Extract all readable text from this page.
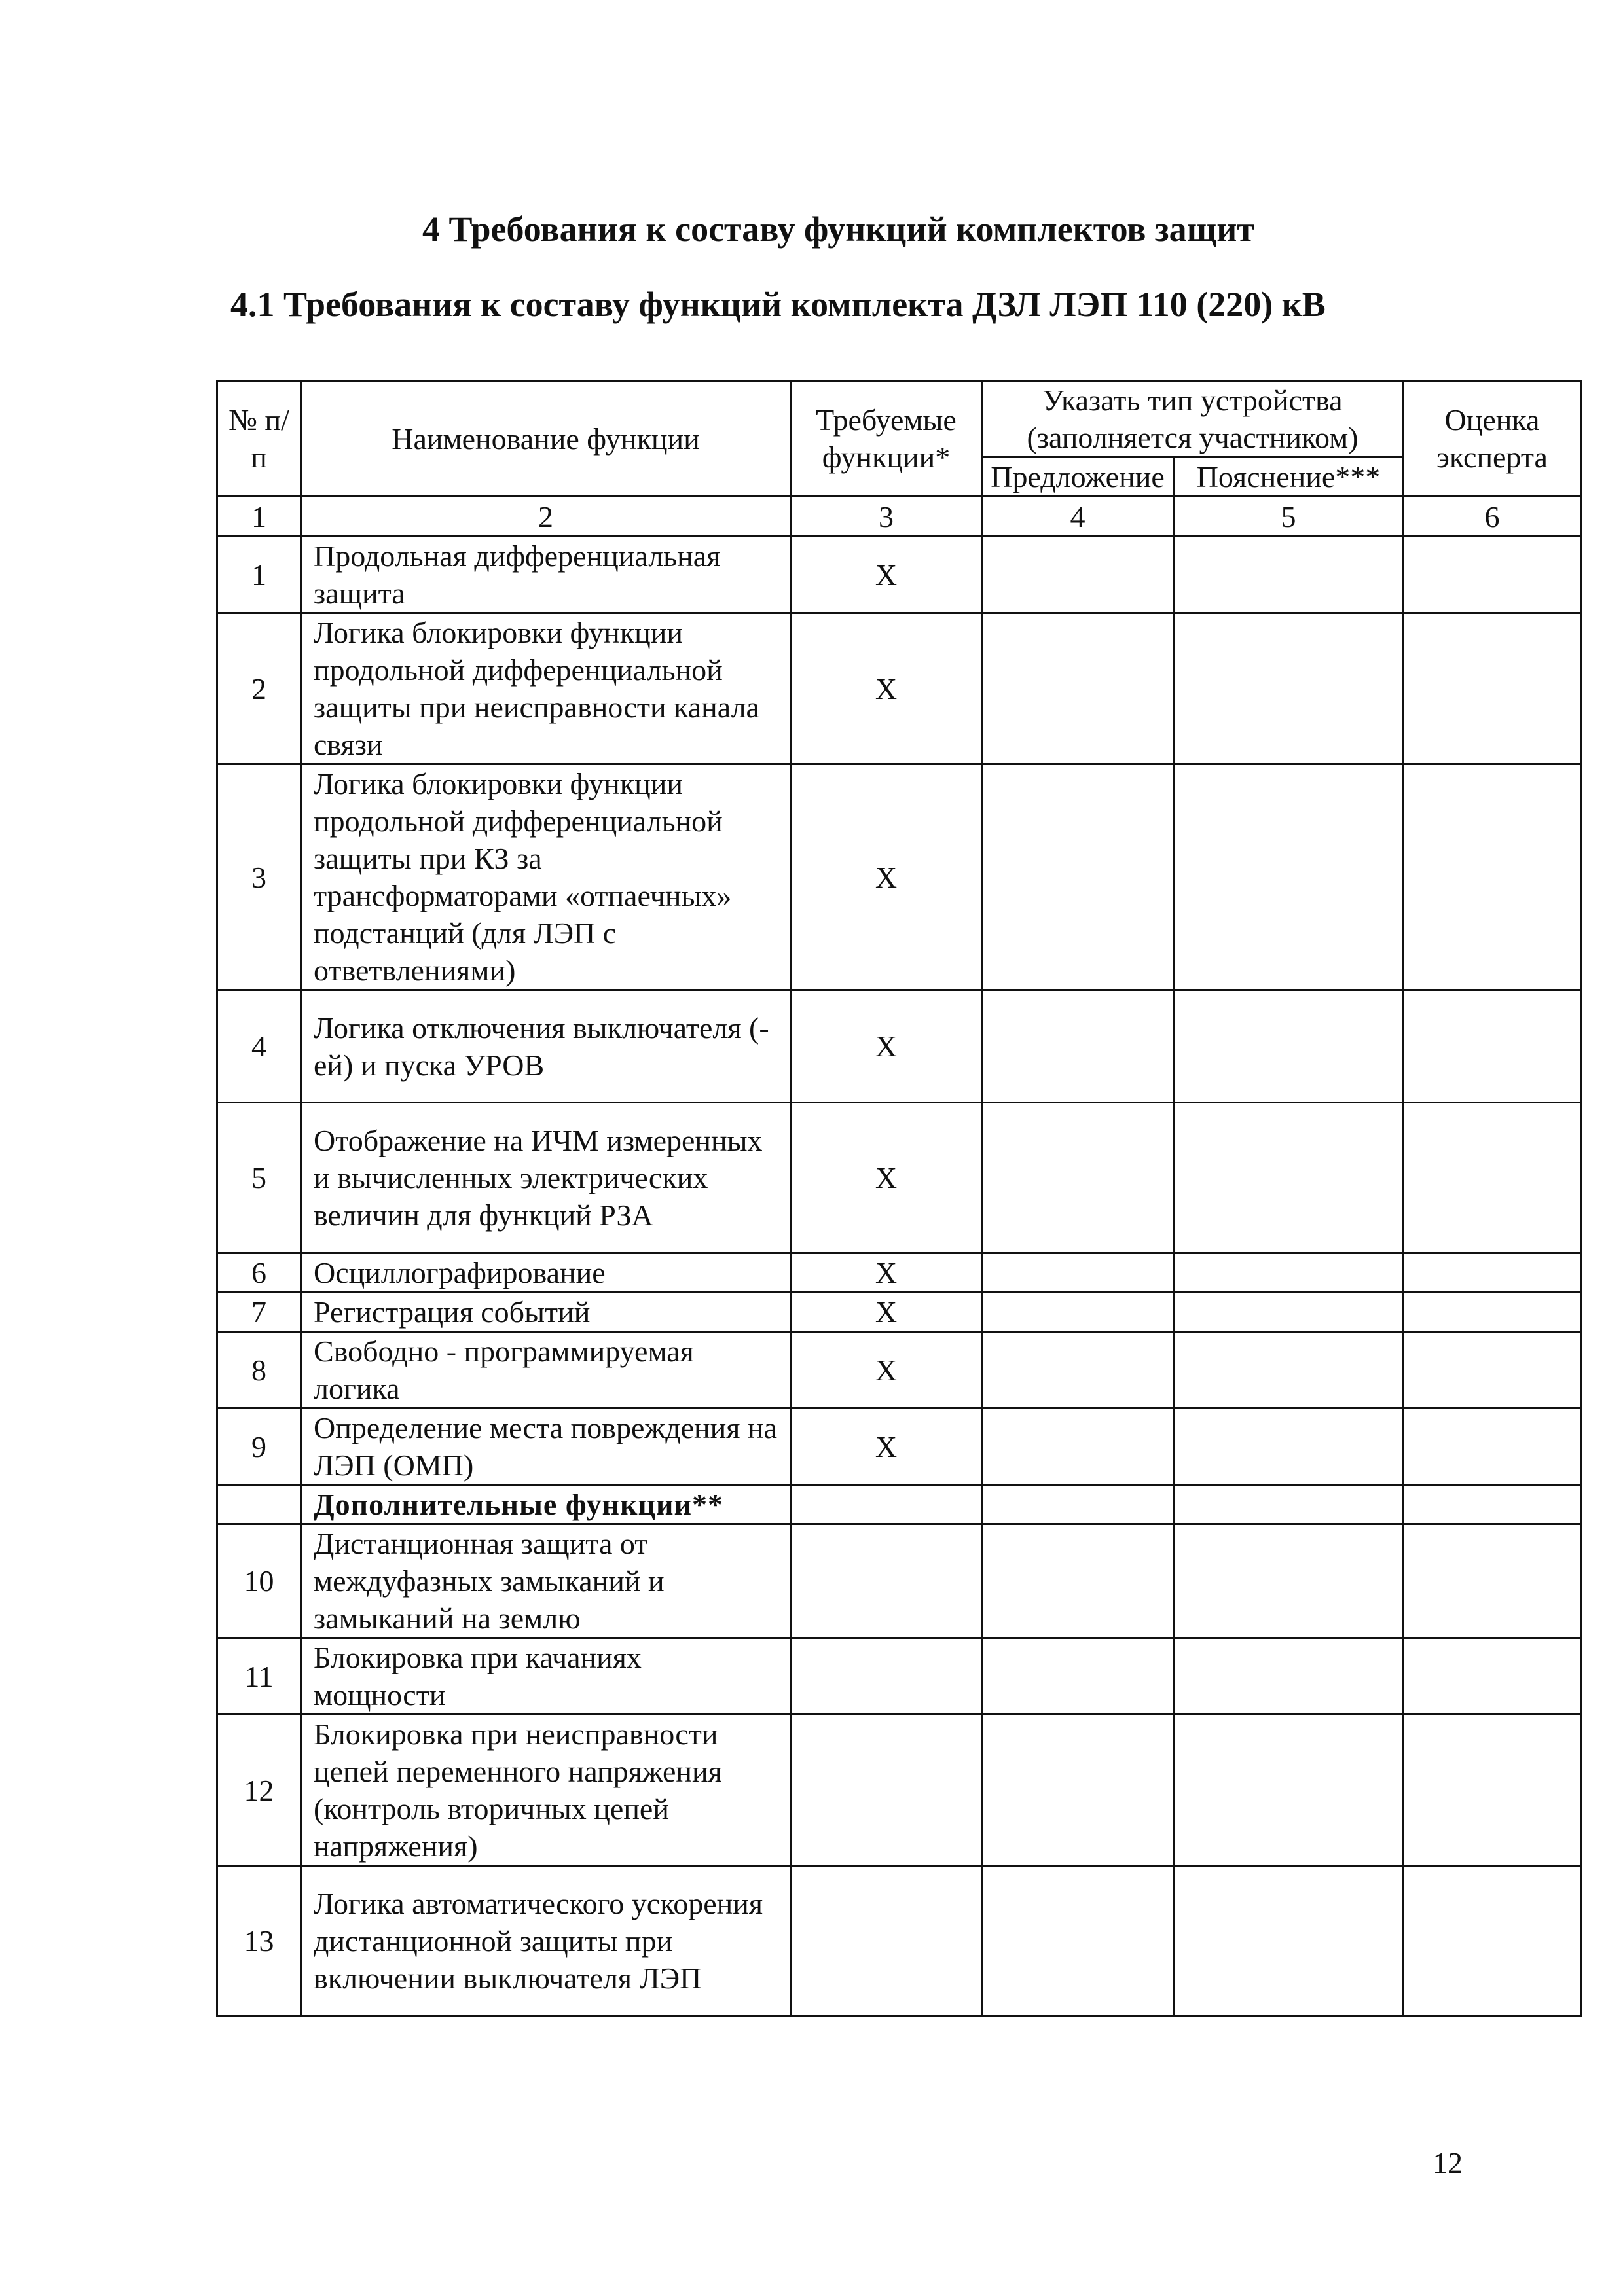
4 Требования к составу функций комплектов защит
4.1 Требования к составу функций комплекта ДЗЛ ЛЭП 110 (220) кВ
№ п/п	Наименование функции	Требуемые функции*	Указать тип устройства (заполняется участником)		Оценка эксперта
			Предложение	Пояснение***	
1	2	3	4	5	6
1	Продольная дифференциальная защита	X			
2	Логика блокировки функции продольной дифференциальной защиты при неисправности канала связи	X			
3	Логика блокировки функции продольной дифференциальной защиты при КЗ за трансформаторами «отпаечных» подстанций (для ЛЭП с ответвлениями)	X			
4	Логика отключения выключателя (-ей) и пуска УРОВ	X			
5	Отображение на ИЧМ измеренных и вычисленных электрических величин для функций РЗА	X			
6	Осциллографирование	X			
7	Регистрация событий	X			
8	Свободно - программируемая логика	X			
9	Определение места повреждения на ЛЭП (ОМП)	X			
	Дополнительные функции**				
10	Дистанционная защита от междуфазных замыканий и замыканий на землю				
11	Блокировка при качаниях мощности				
12	Блокировка при неисправности цепей переменного напряжения (контроль вторичных цепей напряжения)				
13	Логика автоматического ускорения дистанционной защиты при включении выключателя ЛЭП				
12
